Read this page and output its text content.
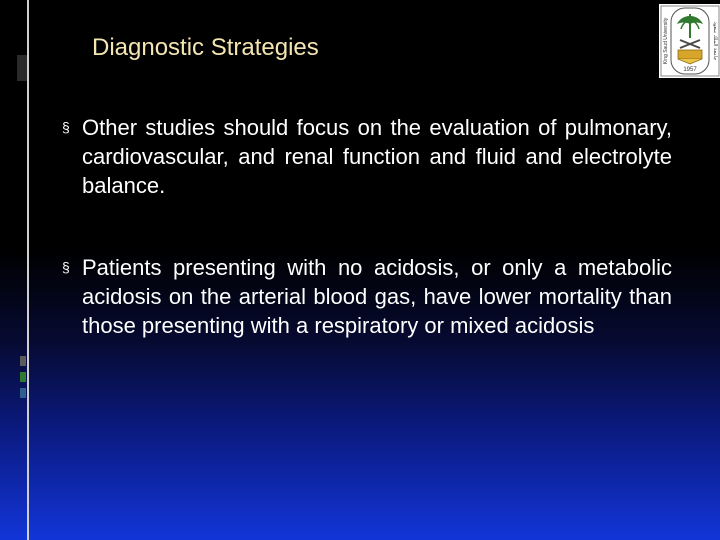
Diagnostic Strategies
1957
King Saud University	جامعة الملك سعود
§ Other studies should focus on the evaluation of pulmonary, cardiovascular, and renal function and fluid and electrolyte balance.
§ Patients presenting with no acidosis, or only a metabolic acidosis on the arterial blood gas, have lower mortality than those presenting with a respiratory or mixed acidosis
